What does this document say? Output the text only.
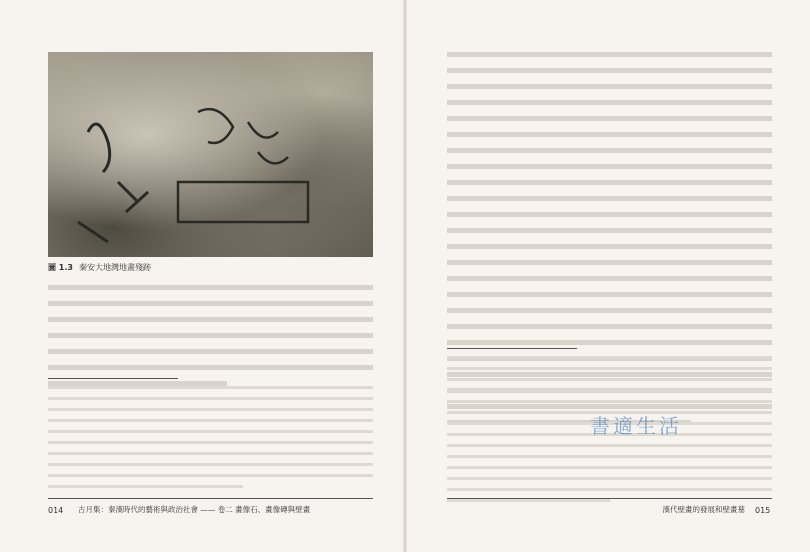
圖 1.3 秦安大地灣地畫殘跡
014 古月集：秦漢時代的藝術與政治社會 —— 卷二 畫像石、畫像磚與壁畫	漢代壁畫的發展和壁畫墓 015
書適生活
